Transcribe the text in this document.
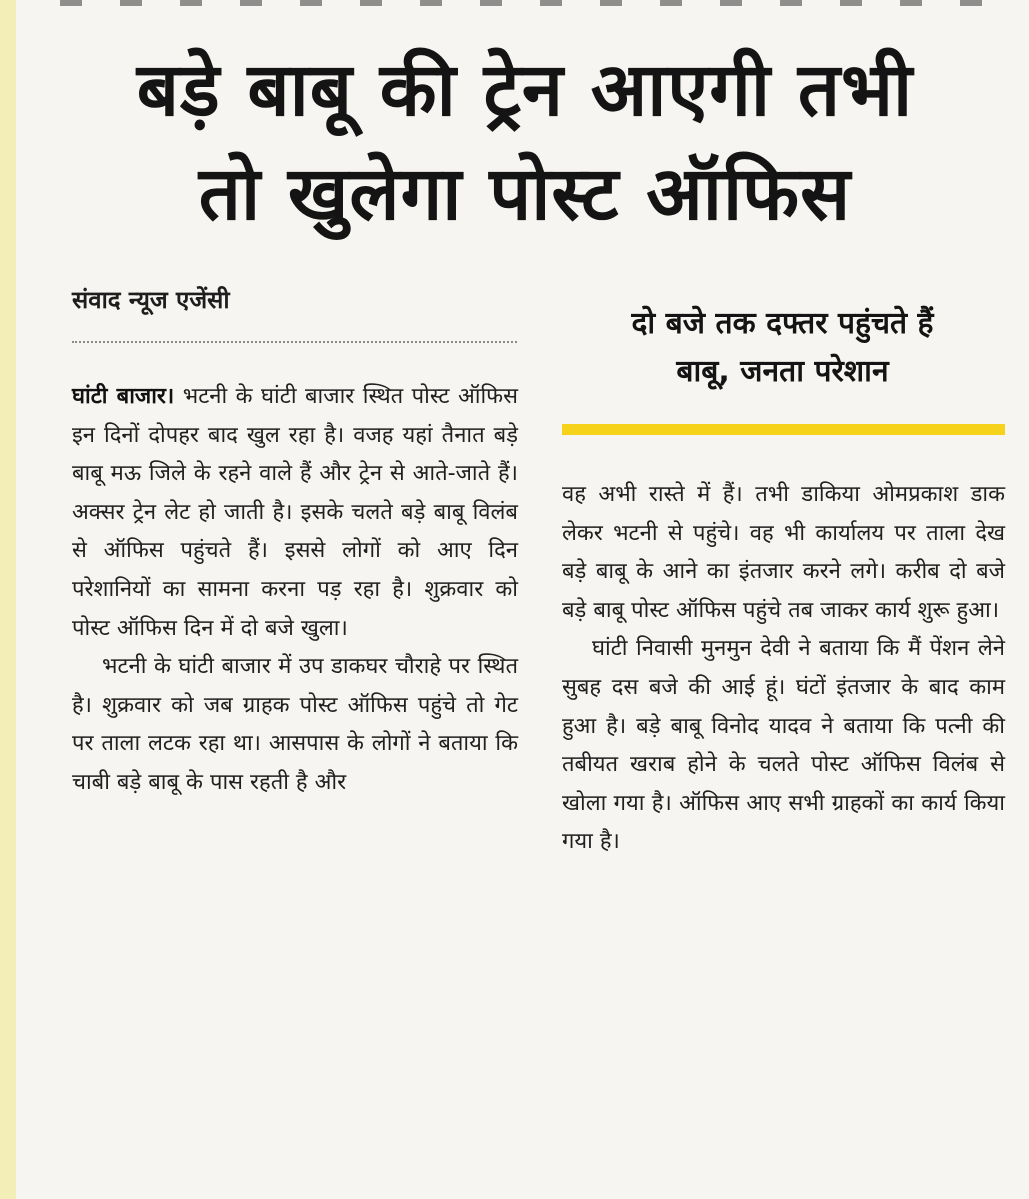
बड़े बाबू की ट्रेन आएगी तभी
तो खुलेगा पोस्ट ऑफिस
संवाद न्यूज एजेंसी
दो बजे तक दफ्तर पहुंचते हैं
बाबू, जनता परेशान

घांटी बाजार। भटनी के घांटी बाजार स्थित पोस्ट ऑफिस इन दिनों दोपहर बाद खुल रहा है। वजह यहां तैनात बड़े बाबू मऊ जिले के रहने वाले हैं और ट्रेन से आते-जाते हैं। अक्सर ट्रेन लेट हो जाती है। इसके चलते बड़े बाबू विलंब से ऑफिस पहुंचते हैं। इससे लोगों को आए दिन परेशानियों का सामना करना पड़ रहा है। शुक्रवार को पोस्ट ऑफिस दिन में दो बजे खुला।

भटनी के घांटी बाजार में उप डाकघर चौराहे पर स्थित है। शुक्रवार को जब ग्राहक पोस्ट ऑफिस पहुंचे तो गेट पर ताला लटक रहा था। आसपास के लोगों ने बताया कि चाबी बड़े बाबू के पास रहती है और

वह अभी रास्ते में हैं। तभी डाकिया ओमप्रकाश डाक लेकर भटनी से पहुंचे। वह भी कार्यालय पर ताला देख बड़े बाबू के आने का इंतजार करने लगे। करीब दो बजे बड़े बाबू पोस्ट ऑफिस पहुंचे तब जाकर कार्य शुरू हुआ।

घांटी निवासी मुनमुन देवी ने बताया कि मैं पेंशन लेने सुबह दस बजे की आई हूं। घंटों इंतजार के बाद काम हुआ है। बड़े बाबू विनोद यादव ने बताया कि पत्नी की तबीयत खराब होने के चलते पोस्ट ऑफिस विलंब से खोला गया है। ऑफिस आए सभी ग्राहकों का कार्य किया गया है।
